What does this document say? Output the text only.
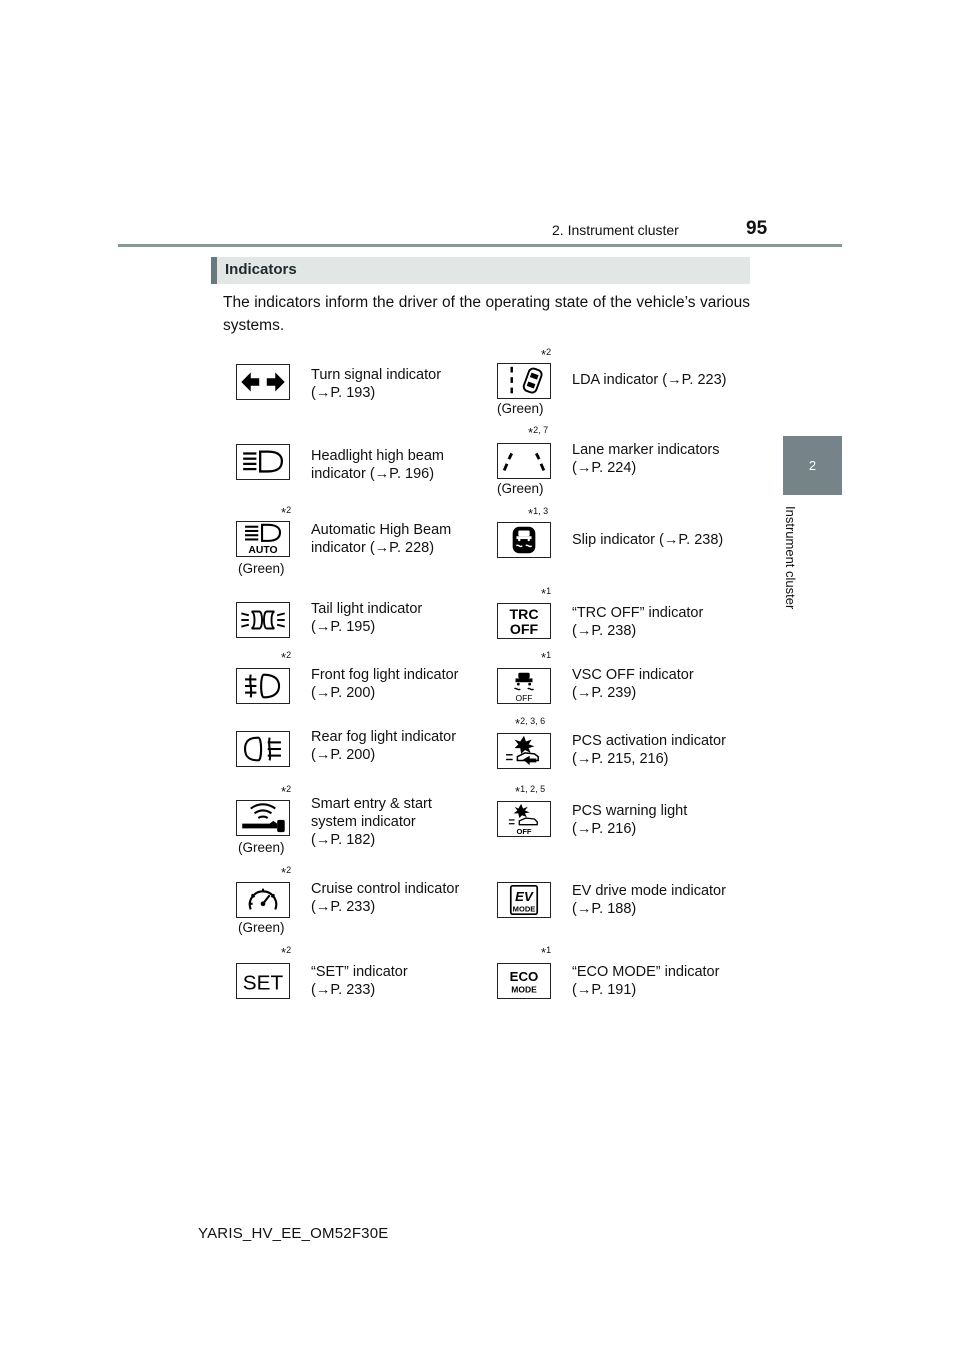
2. Instrument cluster	95
2
Instrument cluster
Indicators
The indicators inform the driver of the operating state of the vehicle’s various systems.
Turn signal indicator
(→P. 193)
Headlight high beam
indicator (→P. 196)
*$^2$
AUTO
(Green)
Automatic High Beam
indicator (→P. 228)
Tail light indicator
(→P. 195)
*$^2$
Front fog light indicator
(→P. 200)
Rear fog light indicator
(→P. 200)
*$^2$
(Green)
Smart entry & start
system indicator
(→P. 182)
*$^2$
(Green)
Cruise control indicator
(→P. 233)
*$^2$
SET “SET” indicator
(→P. 233)
*$^2$
(Green)
LDA indicator (→P. 223)
*$^{2, 7}$
(Green)
Lane marker indicators
(→P. 224)
*$^{1, 3}$
Slip indicator (→P. 238)
*$^1$
TRC
OFF
“TRC OFF” indicator
(→P. 238)
*$^1$
OFF
VSC OFF indicator
(→P. 239)
*$^{2, 3, 6}$
PCS activation indicator
(→P. 215, 216)
*$^{1, 2, 5}$
OFF
PCS warning light
(→P. 216)
EV
MODE
EV drive mode indicator
(→P. 188)
*$^1$
ECO
MODE
“ECO MODE” indicator
(→P. 191)
YARIS_HV_EE_OM52F30E
